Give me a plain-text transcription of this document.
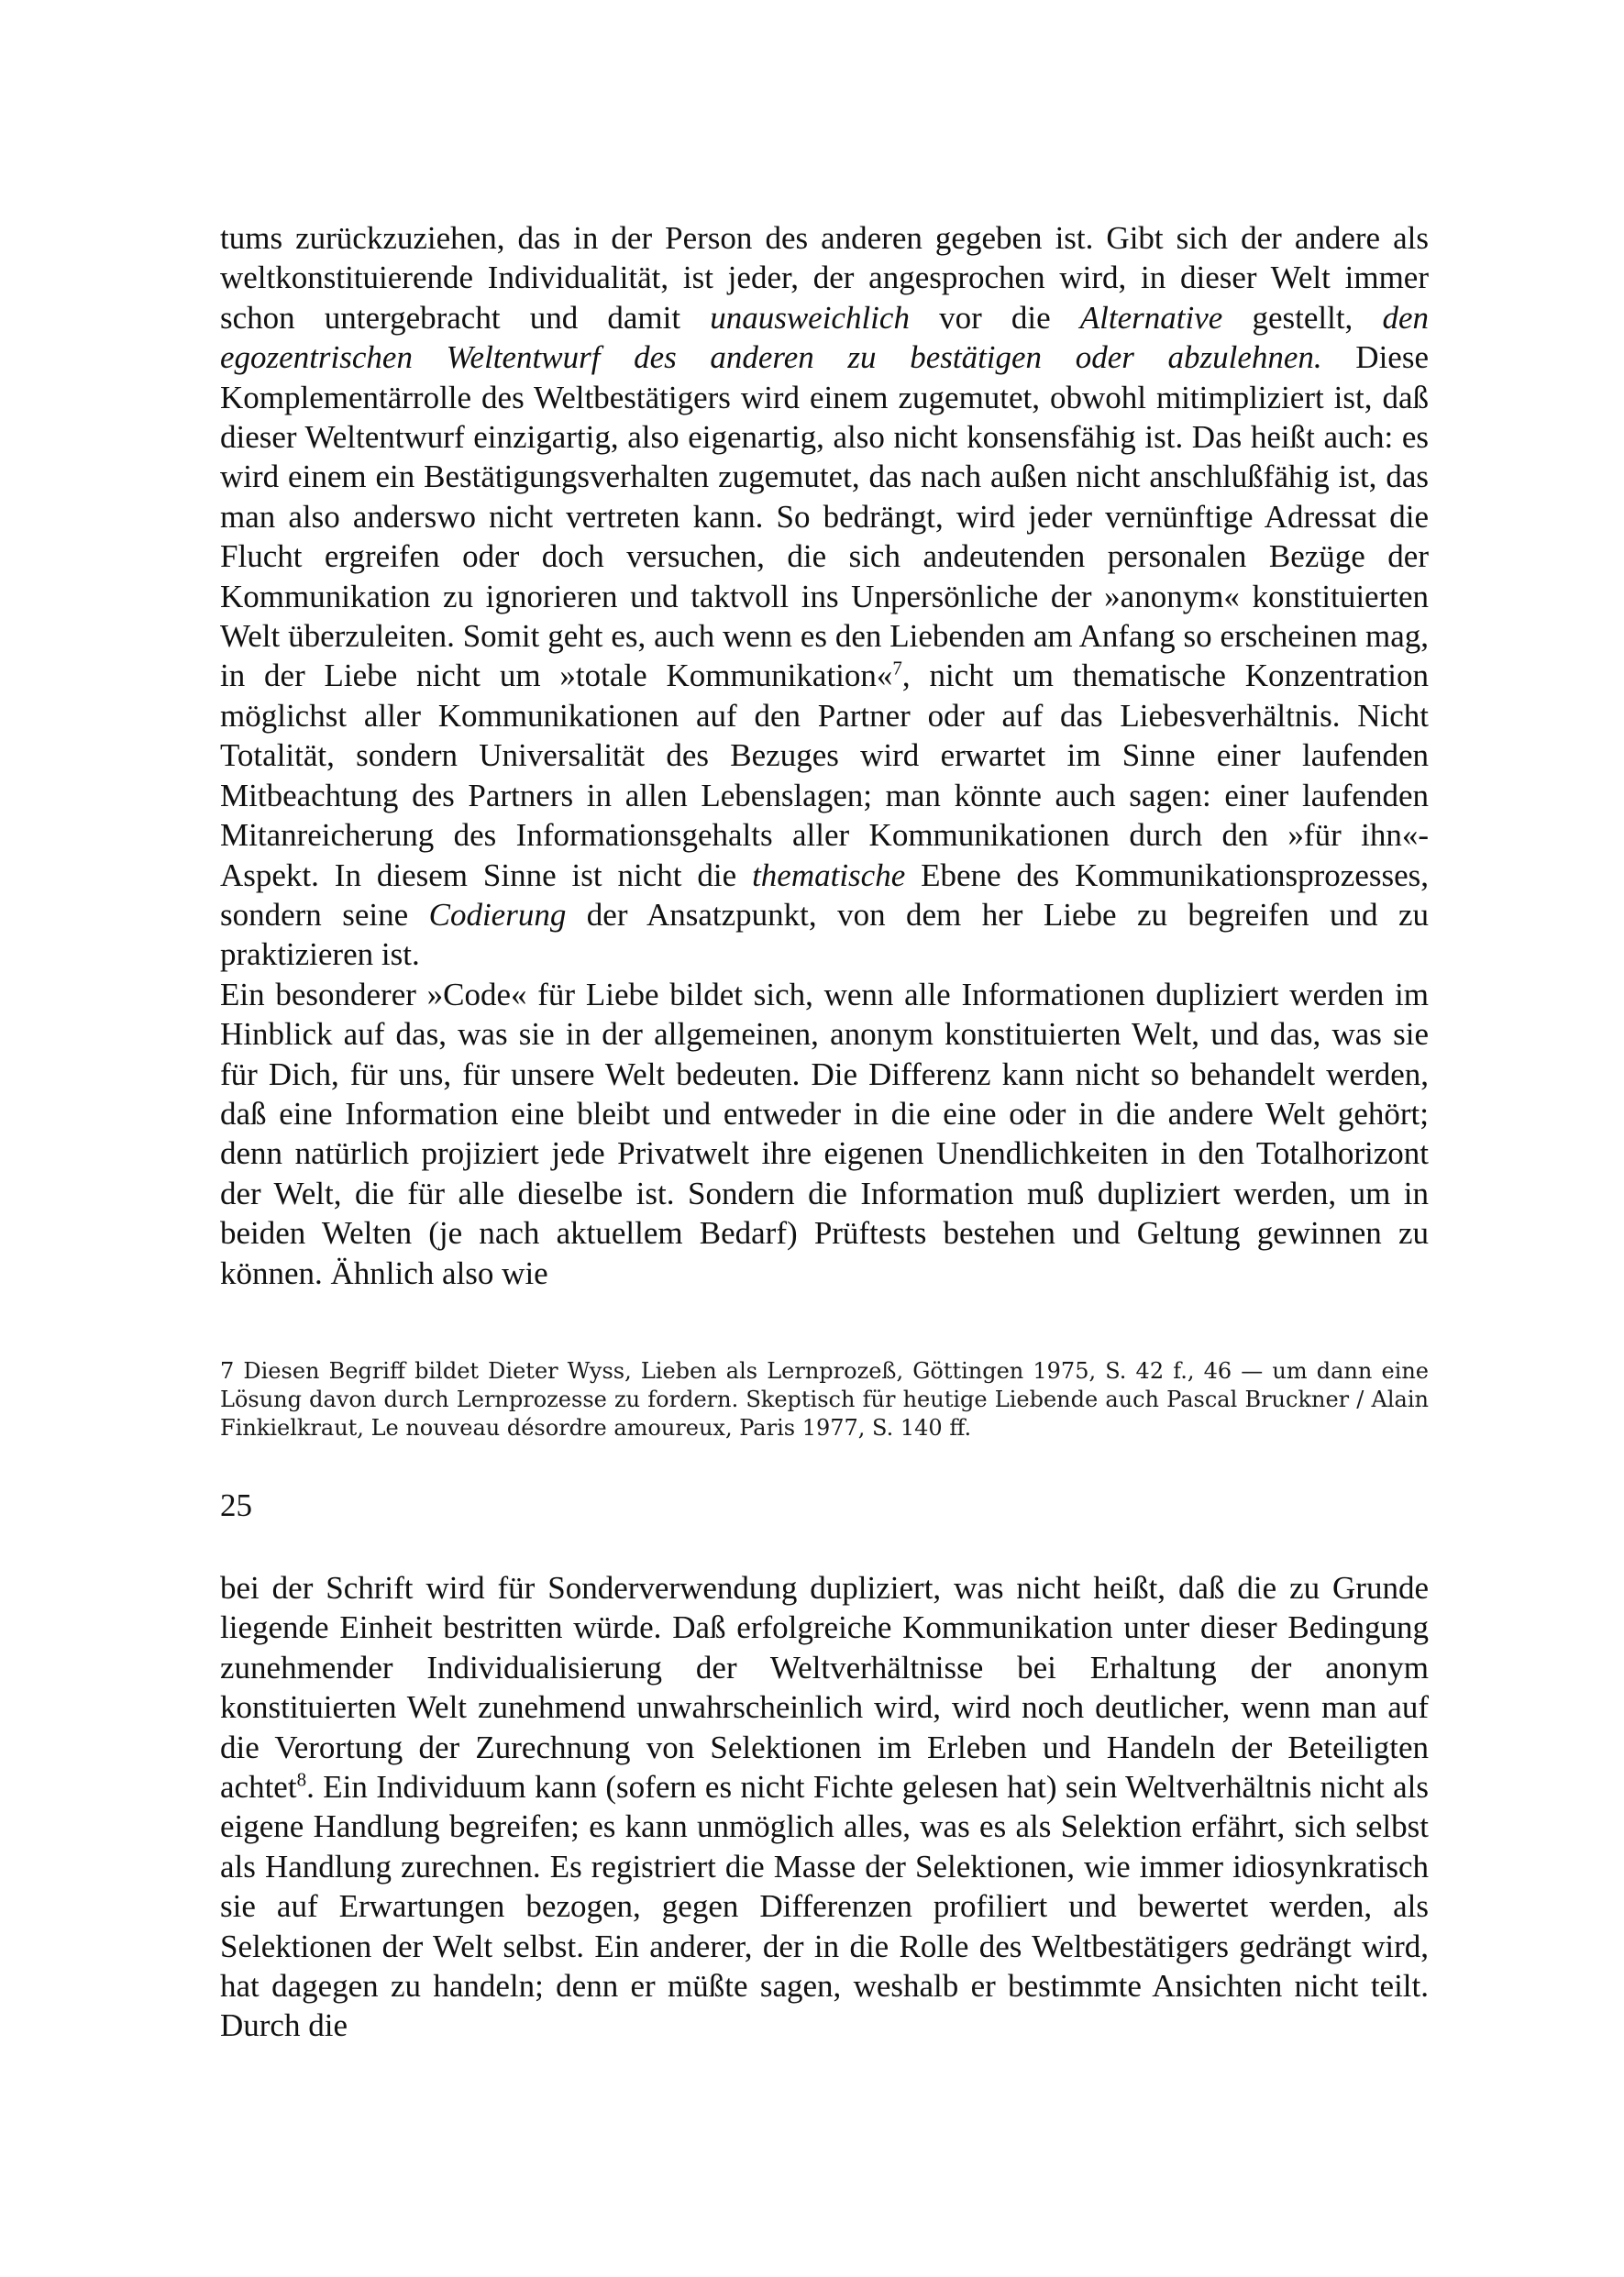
tums zurückzuziehen, das in der Person des anderen gegeben ist. Gibt sich der andere als weltkonstituierende Individualität, ist jeder, der angesprochen wird, in dieser Welt immer schon untergebracht und damit unausweichlich vor die Alternative gestellt, den egozentrischen Weltentwurf des anderen zu bestätigen oder abzulehnen. Diese Komplementärrolle des Weltbestätigers wird einem zugemutet, obwohl mitimpliziert ist, daß dieser Weltentwurf einzigartig, also eigenartig, also nicht konsensfähig ist. Das heißt auch: es wird einem ein Bestätigungsverhalten zugemutet, das nach außen nicht anschlußfähig ist, das man also anderswo nicht vertreten kann. So bedrängt, wird jeder vernünftige Adressat die Flucht ergreifen oder doch versuchen, die sich andeutenden personalen Bezüge der Kommunikation zu ignorieren und taktvoll ins Unpersönliche der »anonym« konstituierten Welt überzuleiten. Somit geht es, auch wenn es den Liebenden am Anfang so erscheinen mag, in der Liebe nicht um »totale Kommunikation«$^7$, nicht um thematische Konzentration möglichst aller Kommunikationen auf den Partner oder auf das Liebesverhältnis. Nicht Totalität, sondern Universalität des Bezuges wird erwartet im Sinne einer laufenden Mitbeachtung des Partners in allen Lebenslagen; man könnte auch sagen: einer laufenden Mitanreicherung des Informationsgehalts aller Kommunikationen durch den »für ihn«-Aspekt. In diesem Sinne ist nicht die thematische Ebene des Kommunikationsprozesses, sondern seine Codierung der Ansatzpunkt, von dem her Liebe zu begreifen und zu praktizieren ist.

Ein besonderer »Code« für Liebe bildet sich, wenn alle Informationen dupliziert werden im Hinblick auf das, was sie in der allgemeinen, anonym konstituierten Welt, und das, was sie für Dich, für uns, für unsere Welt bedeuten. Die Differenz kann nicht so behandelt werden, daß eine Information eine bleibt und entweder in die eine oder in die andere Welt gehört; denn natürlich projiziert jede Privatwelt ihre eigenen Unendlichkeiten in den Totalhorizont der Welt, die für alle dieselbe ist. Sondern die Information muß dupliziert werden, um in beiden Welten (je nach aktuellem Bedarf) Prüftests bestehen und Geltung gewinnen zu können. Ähnlich also wie

7 Diesen Begriff bildet Dieter Wyss, Lieben als Lernprozeß, Göttingen 1975, S. 42 f., 46 — um dann eine Lösung davon durch Lernprozesse zu fordern. Skeptisch für heutige Liebende auch Pascal Bruckner / Alain Finkielkraut, Le nouveau désordre amoureux, Paris 1977, S. 140 ff.

25

bei der Schrift wird für Sonderverwendung dupliziert, was nicht heißt, daß die zu Grunde liegende Einheit bestritten würde. Daß erfolgreiche Kommunikation unter dieser Bedingung zunehmender Individualisierung der Weltverhältnisse bei Erhaltung der anonym konstituierten Welt zunehmend unwahrscheinlich wird, wird noch deutlicher, wenn man auf die Verortung der Zurechnung von Selektionen im Erleben und Handeln der Beteiligten achtet$^8$. Ein Individuum kann (sofern es nicht Fichte gelesen hat) sein Weltverhältnis nicht als eigene Handlung begreifen; es kann unmöglich alles, was es als Selektion erfährt, sich selbst als Handlung zurechnen. Es registriert die Masse der Selektionen, wie immer idiosynkratisch sie auf Erwartungen bezogen, gegen Differenzen profiliert und bewertet werden, als Selektionen der Welt selbst. Ein anderer, der in die Rolle des Weltbestätigers gedrängt wird, hat dagegen zu handeln; denn er müßte sagen, weshalb er bestimmte Ansichten nicht teilt. Durch die
